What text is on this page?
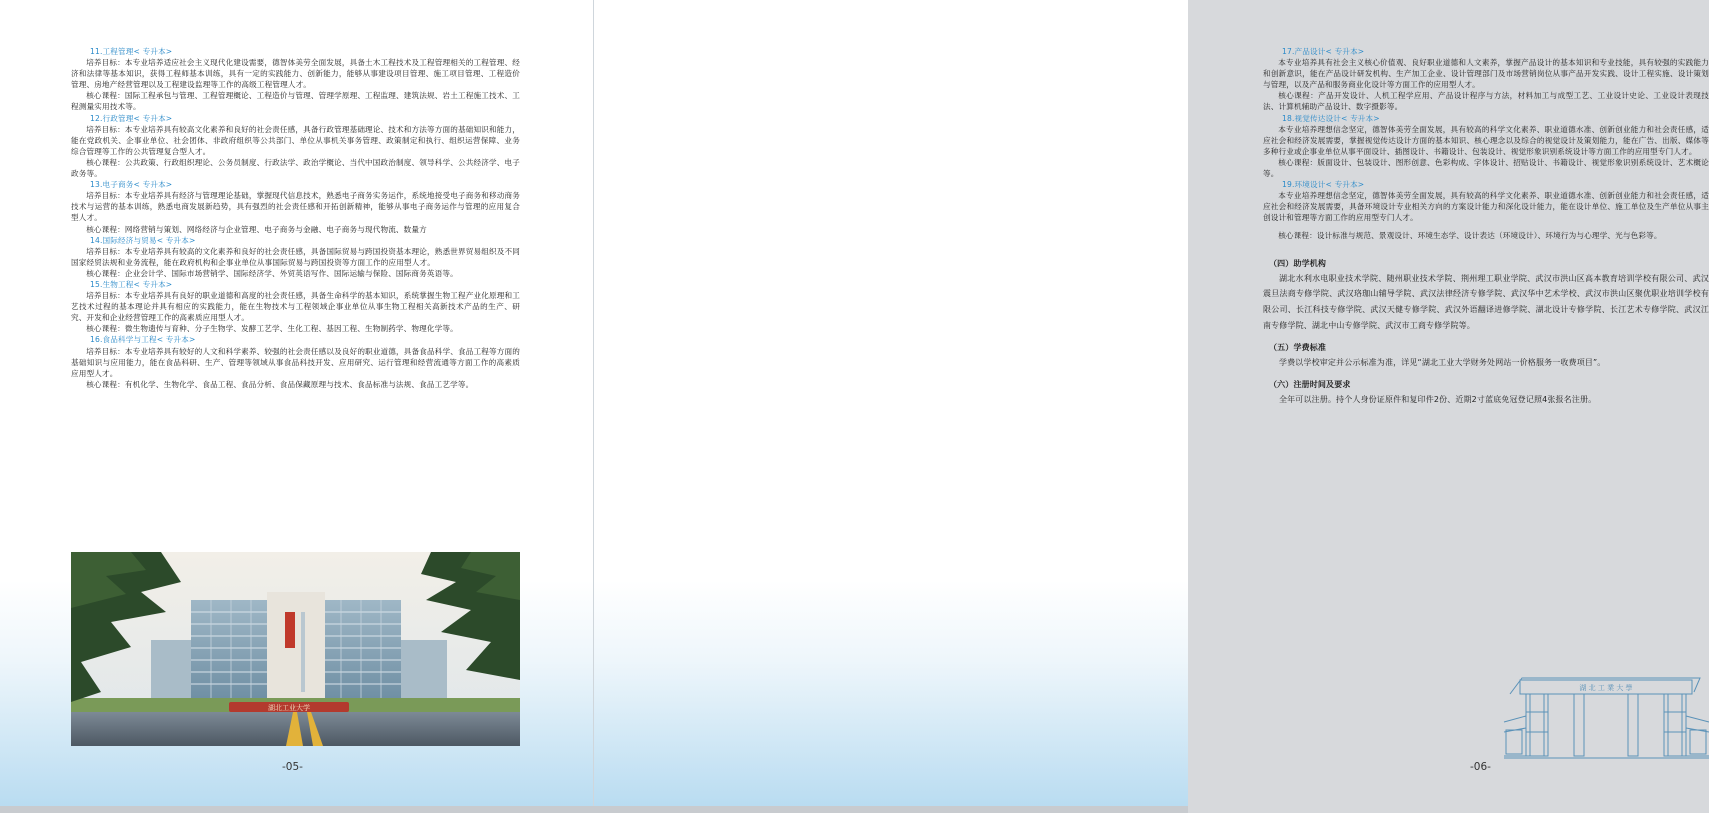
11.工程管理< 专升本>

培养目标：本专业培养适应社会主义现代化建设需要，德智体美劳全面发展，具备土木工程技术及工程管理相关的工程管理、经济和法律等基本知识，获得工程师基本训练，具有一定的实践能力、创新能力，能够从事建设项目管理、施工项目管理、工程造价管理、房地产经营管理以及工程建设监理等工作的高级工程管理人才。

核心课程：国际工程承包与管理、工程管理概论、工程造价与管理、管理学原理、工程监理、建筑法规、岩土工程施工技术、工程测量实用技术等。

12.行政管理< 专升本>

培养目标：本专业培养具有较高文化素养和良好的社会责任感，具备行政管理基础理论、技术和方法等方面的基础知识和能力，能在党政机关、企事业单位、社会团体、非政府组织等公共部门、单位从事机关事务管理、政策制定和执行、组织运营保障、业务综合管理等工作的公共管理复合型人才。

核心课程：公共政策、行政组织理论、公务员制度、行政法学、政治学概论、当代中国政治制度、领导科学、公共经济学、电子政务等。

13.电子商务< 专升本>

培养目标：本专业培养具有经济与管理理论基础，掌握现代信息技术，熟悉电子商务实务运作，系统地接受电子商务和移动商务技术与运营的基本训练，熟悉电商发展新趋势，具有强烈的社会责任感和开拓创新精神，能够从事电子商务运作与管理的应用复合型人才。

核心课程：网络营销与策划、网络经济与企业管理、电子商务与金融、电子商务与现代物流、数量方

14.国际经济与贸易< 专升本>

培养目标：本专业培养具有较高的文化素养和良好的社会责任感，具备国际贸易与跨国投资基本理论，熟悉世界贸易组织及不同国家经贸法规和业务流程，能在政府机构和企事业单位从事国际贸易与跨国投资等方面工作的应用型人才。

核心课程：企业会计学、国际市场营销学、国际经济学、外贸英语写作、国际运输与保险、国际商务英语等。

15.生物工程< 专升本>

培养目标：本专业培养具有良好的职业道德和高度的社会责任感，具备生命科学的基本知识，系统掌握生物工程产业化原理和工艺技术过程的基本理论并具有相应的实践能力，能在生物技术与工程领域企事业单位从事生物工程相关高新技术产品的生产、研究、开发和企业经营管理工作的高素质应用型人才。

核心课程：微生物遗传与育种、分子生物学、发酵工艺学、生化工程、基因工程、生物制药学、物理化学等。

16.食品科学与工程< 专升本>

培养目标：本专业培养具有较好的人文和科学素养、较强的社会责任感以及良好的职业道德，具备食品科学、食品工程等方面的基础知识与应用能力，能在食品科研、生产、管理等领域从事食品科技开发、应用研究、运行管理和经营流通等方面工作的高素质应用型人才。

核心课程：有机化学、生物化学、食品工程、食品分析、食品保藏原理与技术、食品标准与法规、食品工艺学等。

湖北工业大学
-05-
17.产品设计< 专升本>

本专业培养具有社会主义核心价值观、良好职业道德和人文素养，掌握产品设计的基本知识和专业技能，具有较强的实践能力和创新意识，能在产品设计研发机构、生产加工企业、设计管理部门及市场营销岗位从事产品开发实践、设计工程实施、设计策划与管理，以及产品和服务商业化设计等方面工作的应用型人才。

核心课程：产品开发设计、人机工程学应用、产品设计程序与方法，材料加工与成型工艺、工业设计史论、工业设计表现技法、计算机辅助产品设计、数字摄影等。

18.视觉传达设计< 专升本>

本专业培养理想信念坚定，德智体美劳全面发展，具有较高的科学文化素养、职业道德水准、创新创业能力和社会责任感，适应社会和经济发展需要，掌握视觉传达设计方面的基本知识、核心理念以及综合的视觉设计及策划能力，能在广告、出版、媒体等多种行业或企事业单位从事平面设计、插图设计、书籍设计、包装设计、视觉形象识别系统设计等方面工作的应用型专门人才。

核心课程：版面设计、包装设计、图形创意、色彩构成、字体设计、招贴设计、书籍设计、视觉形象识别系统设计、艺术概论等。

19.环境设计< 专升本>

本专业培养理想信念坚定，德智体美劳全面发展，具有较高的科学文化素养、职业道德水准、创新创业能力和社会责任感，适应社会和经济发展需要，具备环境设计专业相关方向的方案设计能力和深化设计能力，能在设计单位、施工单位及生产单位从事主创设计和管理等方面工作的应用型专门人才。

核心课程：设计标准与规范、景观设计、环境生态学、设计表达（环境设计）、环境行为与心理学、光与色彩等。

（四）助学机构

湖北水利水电职业技术学院、随州职业技术学院、荆州理工职业学院、武汉市洪山区高本教育培训学校有限公司、武汉震旦法商专修学院、武汉珞珈山辅导学院、武汉法律经济专修学院、武汉华中艺术学校、武汉市洪山区聚优职业培训学校有限公司、长江科技专修学院、武汉天健专修学院、武汉外语翻译进修学院、湖北设计专修学院、长江艺术专修学院、武汉江南专修学院、湖北中山专修学院、武汉市工商专修学院等。

（五）学费标准

学费以学校审定并公示标准为准，详见“湖北工业大学财务处网站一价格服务一收费项目”。

（六）注册时间及要求

全年可以注册。持个人身份证原件和复印件2份、近期2寸蓝底免冠登记照4张报名注册。

湖 北 工 業 大 學
-06-
